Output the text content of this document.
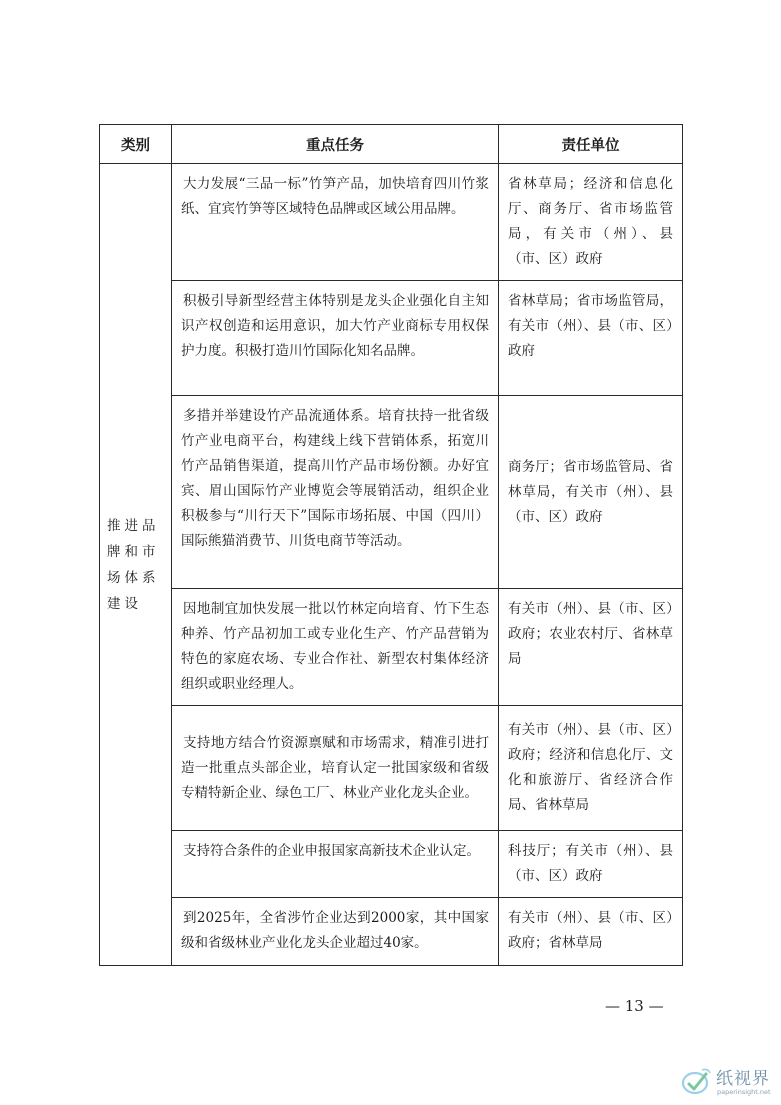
类别	重点任务	责任单位
推进品牌和市场体系建设	大力发展“三品一标”竹笋产品，加快培育四川竹浆纸、宜宾竹笋等区域特色品牌或区域公用品牌。	省林草局；经济和信息化厅、商务厅、省市场监管局，有关市（州）、县（市、区）政府
	积极引导新型经营主体特别是龙头企业强化自主知识产权创造和运用意识，加大竹产业商标专用权保护力度。积极打造川竹国际化知名品牌。	省林草局；省市场监管局，有关市（州）、县（市、区）政府
	多措并举建设竹产品流通体系。培育扶持一批省级竹产业电商平台，构建线上线下营销体系，拓宽川竹产品销售渠道，提高川竹产品市场份额。办好宜宾、眉山国际竹产业博览会等展销活动，组织企业积极参与“川行天下”国际市场拓展、中国（四川）国际熊猫消费节、川货电商节等活动。	商务厅；省市场监管局、省林草局，有关市（州）、县（市、区）政府
	因地制宜加快发展一批以竹林定向培育、竹下生态种养、竹产品初加工或专业化生产、竹产品营销为特色的家庭农场、专业合作社、新型农村集体经济组织或职业经理人。	有关市（州）、县（市、区）政府；农业农村厅、省林草局
	支持地方结合竹资源禀赋和市场需求，精准引进打造一批重点头部企业，培育认定一批国家级和省级专精特新企业、绿色工厂、林业产业化龙头企业。	有关市（州）、县（市、区）政府；经济和信息化厅、文化和旅游厅、省经济合作局、省林草局
	支持符合条件的企业申报国家高新技术企业认定。	科技厅；有关市（州）、县（市、区）政府
	到2025年，全省涉竹企业达到2000家，其中国家级和省级林业产业化龙头企业超过40家。	有关市（州）、县（市、区）政府；省林草局
— 13 —
纸视界
paperinsight.net
